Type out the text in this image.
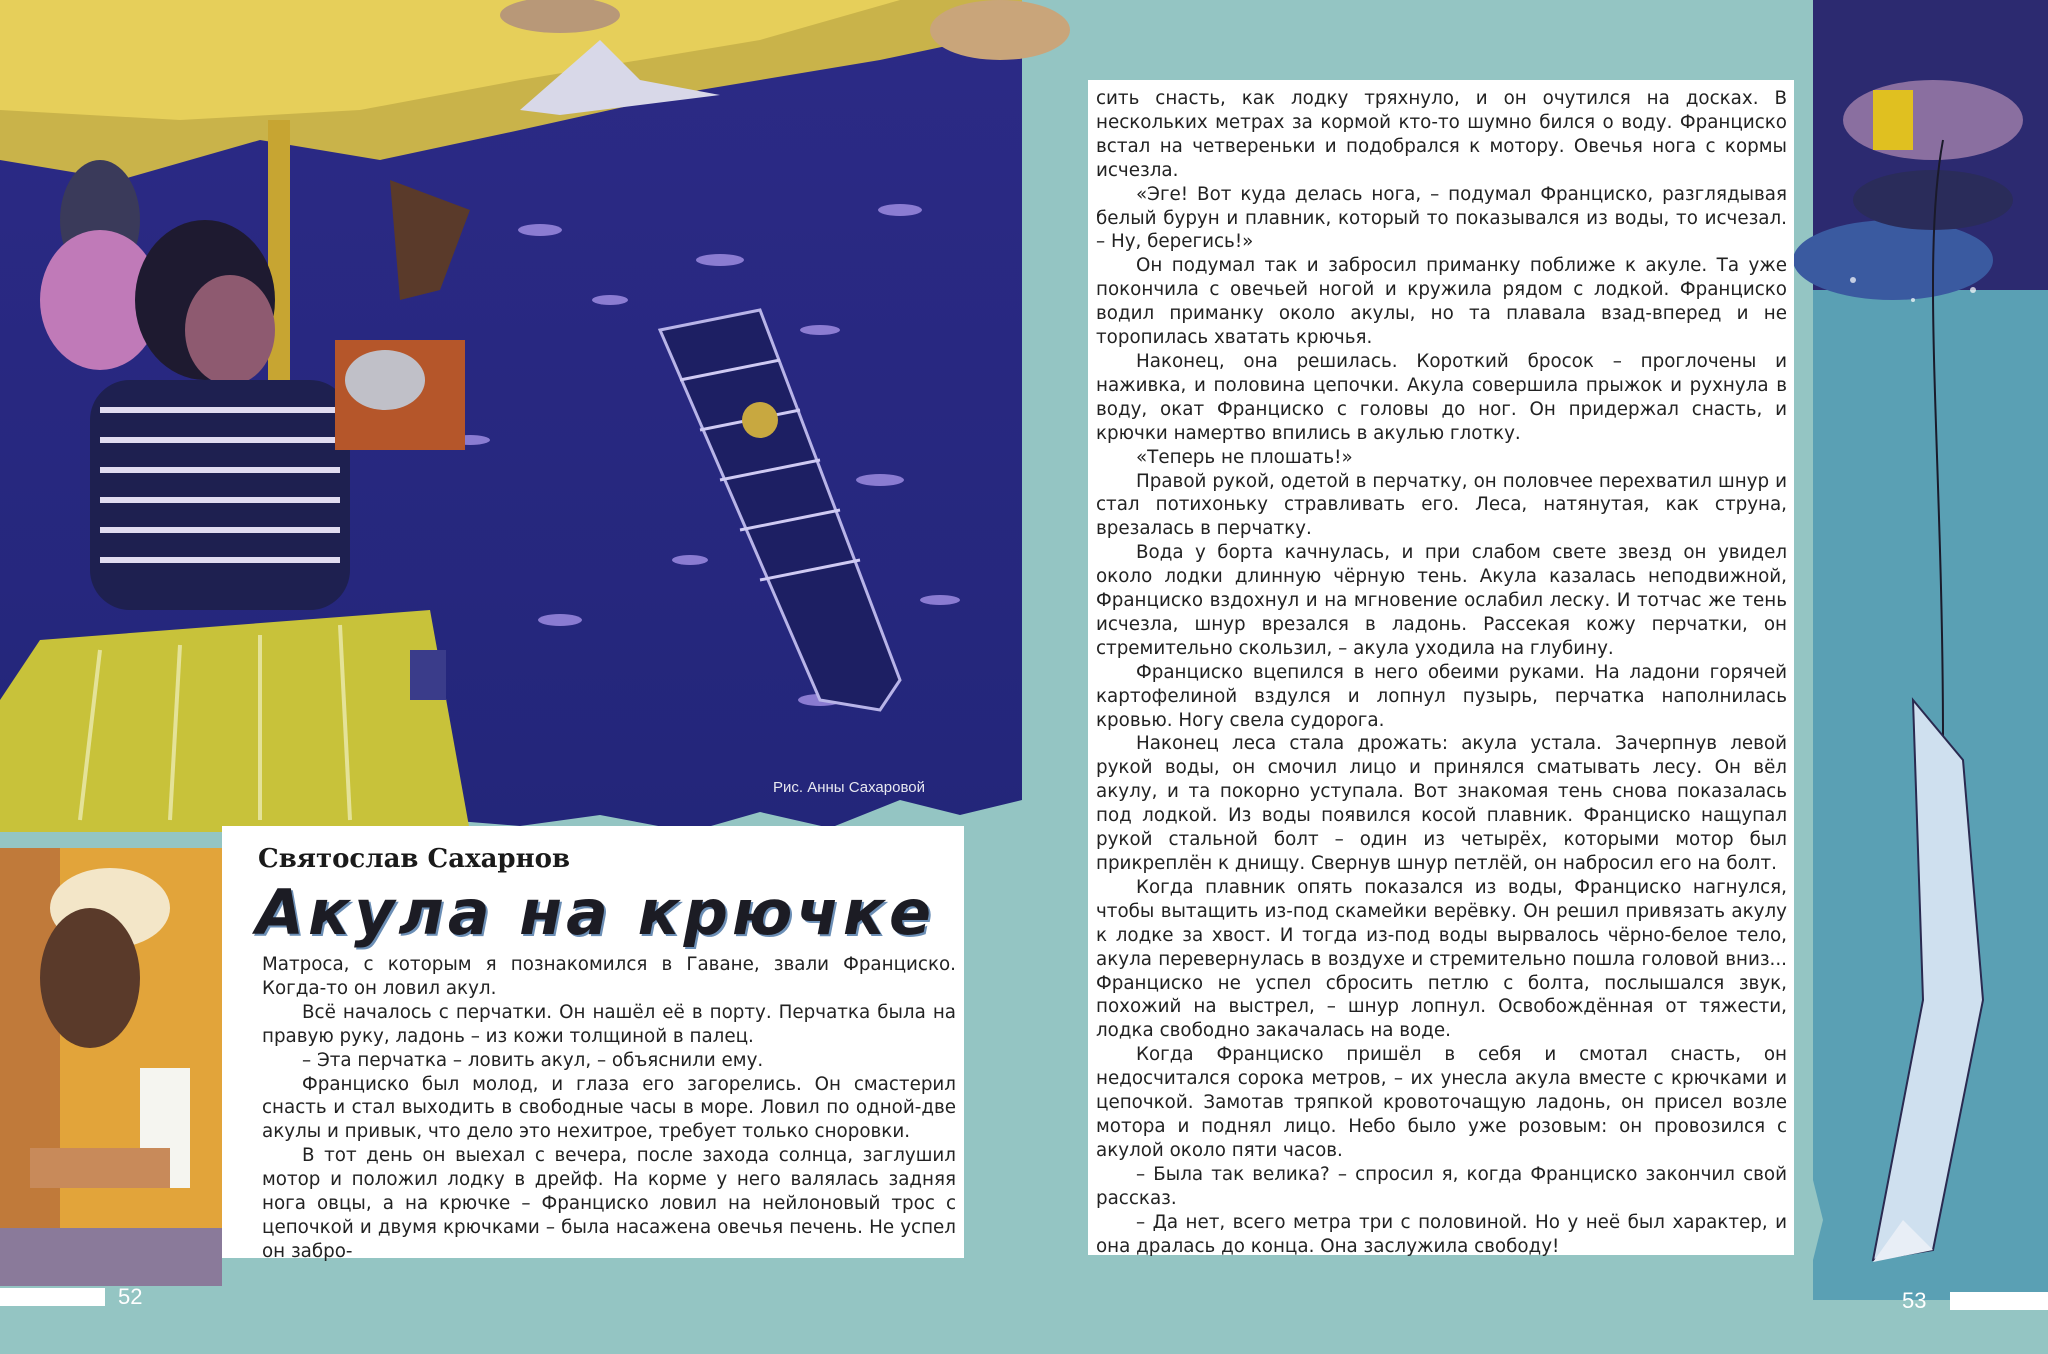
Рис. Анны Сахаровой
Святослав Сахарнов
Акула на крючке

Матроса, с которым я познакомился в Гаване, звали Франциско. Когда-то он ловил акул.

Всё началось с перчатки. Он нашёл её в порту. Перчатка была на правую руку, ладонь – из кожи толщиной в палец.

– Эта перчатка – ловить акул, – объяснили ему.

Франциско был молод, и глаза его загорелись. Он смастерил снасть и стал выходить в свободные часы в море. Ловил по одной-две акулы и привык, что дело это нехитрое, требует только сноровки.

В тот день он выехал с вечера, после захода солнца, заглушил мотор и положил лодку в дрейф. На корме у него валялась задняя нога овцы, а на крючке – Франциско ловил на нейлоновый трос с цепочкой и двумя крючками – была насажена овечья печень. Не успел он забро-

сить снасть, как лодку тряхнуло, и он очутился на досках. В нескольких метрах за кормой кто-то шумно бился о воду. Франциско встал на четвереньки и подобрался к мотору. Овечья нога с кормы исчезла.

«Эге! Вот куда делась нога, – подумал Франциско, разглядывая белый бурун и плавник, который то показывался из воды, то исчезал. – Ну, берегись!»

Он подумал так и забросил приманку поближе к акуле. Та уже покончила с овечьей ногой и кружила рядом с лодкой. Франциско водил приманку около акулы, но та плавала взад-вперед и не торопилась хватать крючья.

Наконец, она решилась. Короткий бросок – проглочены и наживка, и половина цепочки. Акула совершила прыжок и рухнула в воду, окат Франциско с головы до ног. Он придержал снасть, и крючки намертво впились в акулью глотку.

«Теперь не плошать!»

Правой рукой, одетой в перчатку, он половчее перехватил шнур и стал потихоньку стравливать его. Леса, натянутая, как струна, врезалась в перчатку.

Вода у борта качнулась, и при слабом свете звезд он увидел около лодки длинную чёрную тень. Акула казалась неподвижной, Франциско вздохнул и на мгновение ослабил леску. И тотчас же тень исчезла, шнур врезался в ладонь. Рассекая кожу перчатки, он стремительно скользил, – акула уходила на глубину.

Франциско вцепился в него обеими руками. На ладони горячей картофелиной вздулся и лопнул пузырь, перчатка наполнилась кровью. Ногу свела судорога.

Наконец леса стала дрожать: акула устала. Зачерпнув левой рукой воды, он смочил лицо и принялся сматывать лесу. Он вёл акулу, и та покорно уступала. Вот знакомая тень снова показалась под лодкой. Из воды появился косой плавник. Франциско нащупал рукой стальной болт – один из четырёх, которыми мотор был прикреплён к днищу. Свернув шнур петлёй, он набросил его на болт.

Когда плавник опять показался из воды, Франциско нагнулся, чтобы вытащить из-под скамейки верёвку. Он решил привязать акулу к лодке за хвост. И тогда из-под воды вырвалось чёрно-белое тело, акула перевернулась в воздухе и стремительно пошла головой вниз... Франциско не успел сбросить петлю с болта, послышался звук, похожий на выстрел, – шнур лопнул. Освобождённая от тяжести, лодка свободно закачалась на воде.

Когда Франциско пришёл в себя и смотал снасть, он недосчитался сорока метров, – их унесла акула вместе с крючками и цепочкой. Замотав тряпкой кровоточащую ладонь, он присел возле мотора и поднял лицо. Небо было уже розовым: он провозился с акулой около пяти часов.

– Была так велика? – спросил я, когда Франциско закончил свой рассказ.

– Да нет, всего метра три с половиной. Но у неё был характер, и она дралась до конца. Она заслужила свободу!

52	53
